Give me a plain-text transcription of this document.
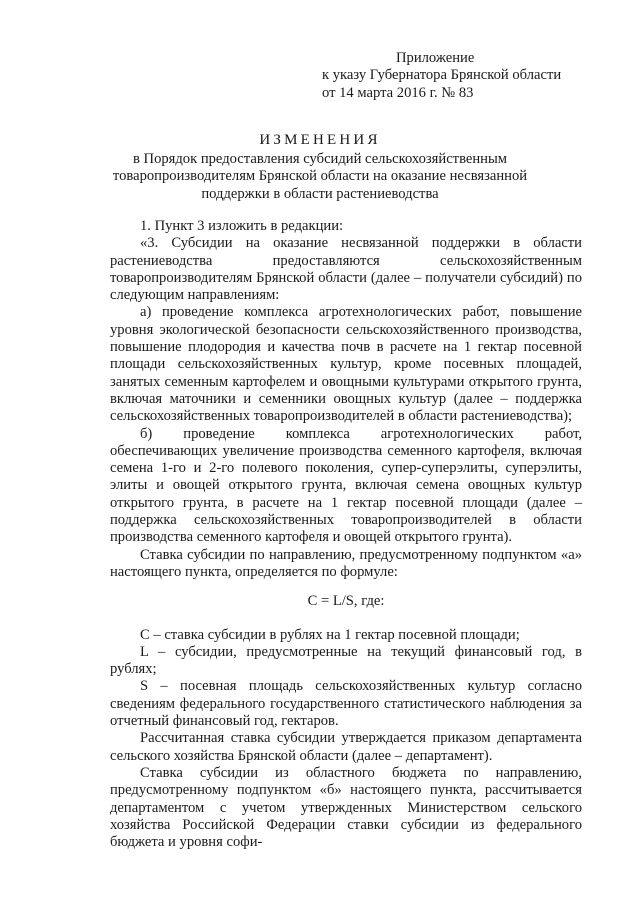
Приложение
к указу Губернатора Брянской области
от 14 марта 2016 г. № 83
ИЗМЕНЕНИЯ
в Порядок предоставления субсидий сельскохозяйственным
товаропроизводителям Брянской области на оказание несвязанной
поддержки в области растениеводства
1. Пункт 3 изложить в редакции:
«3. Субсидии на оказание несвязанной поддержки в области растениеводства предоставляются сельскохозяйственным товаропроизводителям Брянской области (далее – получатели субсидий) по следующим направлениям:
а) проведение комплекса агротехнологических работ, повышение уровня экологической безопасности сельскохозяйственного производства, повышение плодородия и качества почв в расчете на 1 гектар посевной площади сельскохозяйственных культур, кроме посевных площадей, занятых семенным картофелем и овощными культурами открытого грунта, включая маточники и семенники овощных культур (далее – поддержка сельскохозяйственных товаропроизводителей в области растениеводства);
б) проведение комплекса агротехнологических работ, обеспечивающих увеличение производства семенного картофеля, включая семена 1-го и 2-го полевого поколения, супер-суперэлиты, суперэлиты, элиты и овощей открытого грунта, включая семена овощных культур открытого грунта, в расчете на 1 гектар посевной площади (далее – поддержка сельскохозяйственных товаропроизводителей в области производства семенного картофеля и овощей открытого грунта).
Ставка субсидии по направлению, предусмотренному подпунктом «а» настоящего пункта, определяется по формуле:
С = L/S, где:
С – ставка субсидии в рублях на 1 гектар посевной площади;
L – субсидии, предусмотренные на текущий финансовый год, в рублях;
S – посевная площадь сельскохозяйственных культур согласно сведениям федерального государственного статистического наблюдения за отчетный финансовый год, гектаров.
Рассчитанная ставка субсидии утверждается приказом департамента сельского хозяйства Брянской области (далее – департамент).
Ставка субсидии из областного бюджета по направлению, предусмотренному подпунктом «б» настоящего пункта, рассчитывается департаментом с учетом утвержденных Министерством сельского хозяйства Российской Федерации ставки субсидии из федерального бюджета и уровня софи-
